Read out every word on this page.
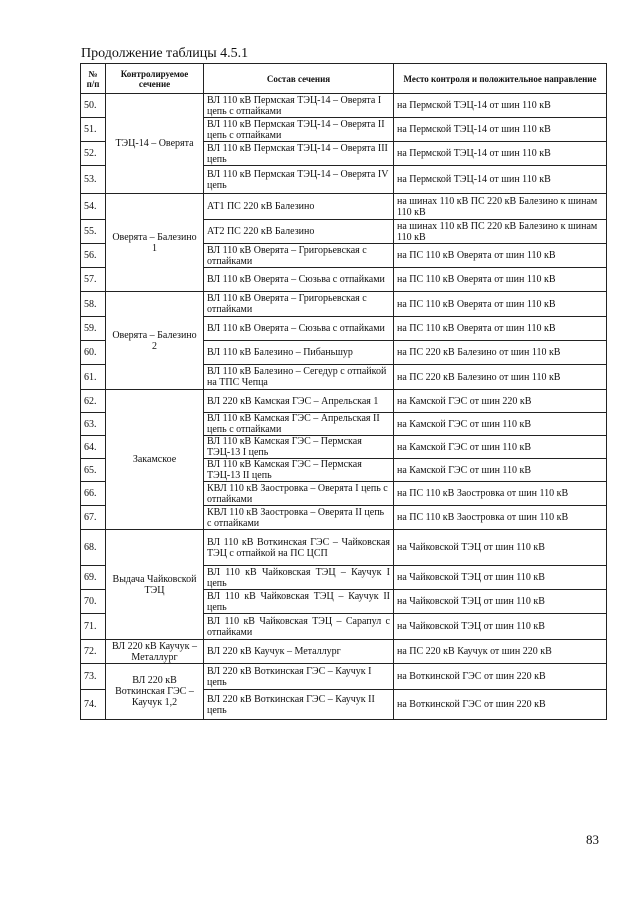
Продолжение таблицы 4.5.1
№ п/п	Контролируемое сечение	Состав сечения	Место контроля и положительное направление
50.	ТЭЦ-14 – Оверята	ВЛ 110 кВ Пермская ТЭЦ-14 – Оверята I цепь с отпайками	на Пермской ТЭЦ-14 от шин 110 кВ
51.		ВЛ 110 кВ Пермская ТЭЦ-14 – Оверята II цепь с отпайками	на Пермской ТЭЦ-14 от шин 110 кВ
52.		ВЛ 110 кВ Пермская ТЭЦ-14 – Оверята III цепь	на Пермской ТЭЦ-14 от шин 110 кВ
53.		ВЛ 110 кВ Пермская ТЭЦ-14 – Оверята IV цепь	на Пермской ТЭЦ-14 от шин 110 кВ
54.	Оверята – Балезино 1	АТ1 ПС 220 кВ Балезино	на шинах 110 кВ ПС 220 кВ Балезино к шинам 110 кВ
55.		АТ2 ПС 220 кВ Балезино	на шинах 110 кВ ПС 220 кВ Балезино к шинам 110 кВ
56.		ВЛ 110 кВ Оверята – Григорьевская с отпайками	на ПС 110 кВ Оверята от шин 110 кВ
57.		ВЛ 110 кВ Оверята – Сюзьва с отпайками	на ПС 110 кВ Оверята от шин 110 кВ
58.	Оверята – Балезино 2	ВЛ 110 кВ Оверята – Григорьевская с отпайками	на ПС 110 кВ Оверята от шин 110 кВ
59.		ВЛ 110 кВ Оверята – Сюзьва с отпайками	на ПС 110 кВ Оверята от шин 110 кВ
60.		ВЛ 110 кВ Балезино – Пибаньшур	на ПС 220 кВ Балезино от шин 110 кВ
61.		ВЛ 110 кВ Балезино – Сегедур с отпайкой на ТПС Чепца	на ПС 220 кВ Балезино от шин 110 кВ
62.	Закамское	ВЛ 220 кВ Камская ГЭС – Апрельская 1	на Камской ГЭС от шин 220 кВ
63.		ВЛ 110 кВ Камская ГЭС – Апрельская II цепь с отпайками	на Камской ГЭС от шин 110 кВ
64.		ВЛ 110 кВ Камская ГЭС – Пермская ТЭЦ-13 I цепь	на Камской ГЭС от шин 110 кВ
65.		ВЛ 110 кВ Камская ГЭС – Пермская ТЭЦ-13 II цепь	на Камской ГЭС от шин 110 кВ
66.		КВЛ 110 кВ Заостровка – Оверята I цепь с отпайками	на ПС 110 кВ Заостровка от шин 110 кВ
67.		КВЛ 110 кВ Заостровка – Оверята II цепь с отпайками	на ПС 110 кВ Заостровка от шин 110 кВ
68.	Выдача Чайковской ТЭЦ	ВЛ 110 кВ Воткинская ГЭС – Чайковская ТЭЦ с отпайкой на ПС ЦСП	на Чайковской ТЭЦ от шин 110 кВ
69.		ВЛ 110 кВ Чайковская ТЭЦ – Каучук I цепь	на Чайковской ТЭЦ от шин 110 кВ
70.		ВЛ 110 кВ Чайковская ТЭЦ – Каучук II цепь	на Чайковской ТЭЦ от шин 110 кВ
71.		ВЛ 110 кВ Чайковская ТЭЦ – Сарапул с отпайками	на Чайковской ТЭЦ от шин 110 кВ
72.	ВЛ 220 кВ Каучук – Металлург	ВЛ 220 кВ Каучук – Металлург	на ПС 220 кВ Каучук от шин 220 кВ
73.	ВЛ 220 кВ Воткинская ГЭС – Каучук 1,2	ВЛ 220 кВ Воткинская ГЭС – Каучук I цепь	на Воткинской ГЭС от шин 220 кВ
74.		ВЛ 220 кВ Воткинская ГЭС – Каучук II цепь	на Воткинской ГЭС от шин 220 кВ
83
